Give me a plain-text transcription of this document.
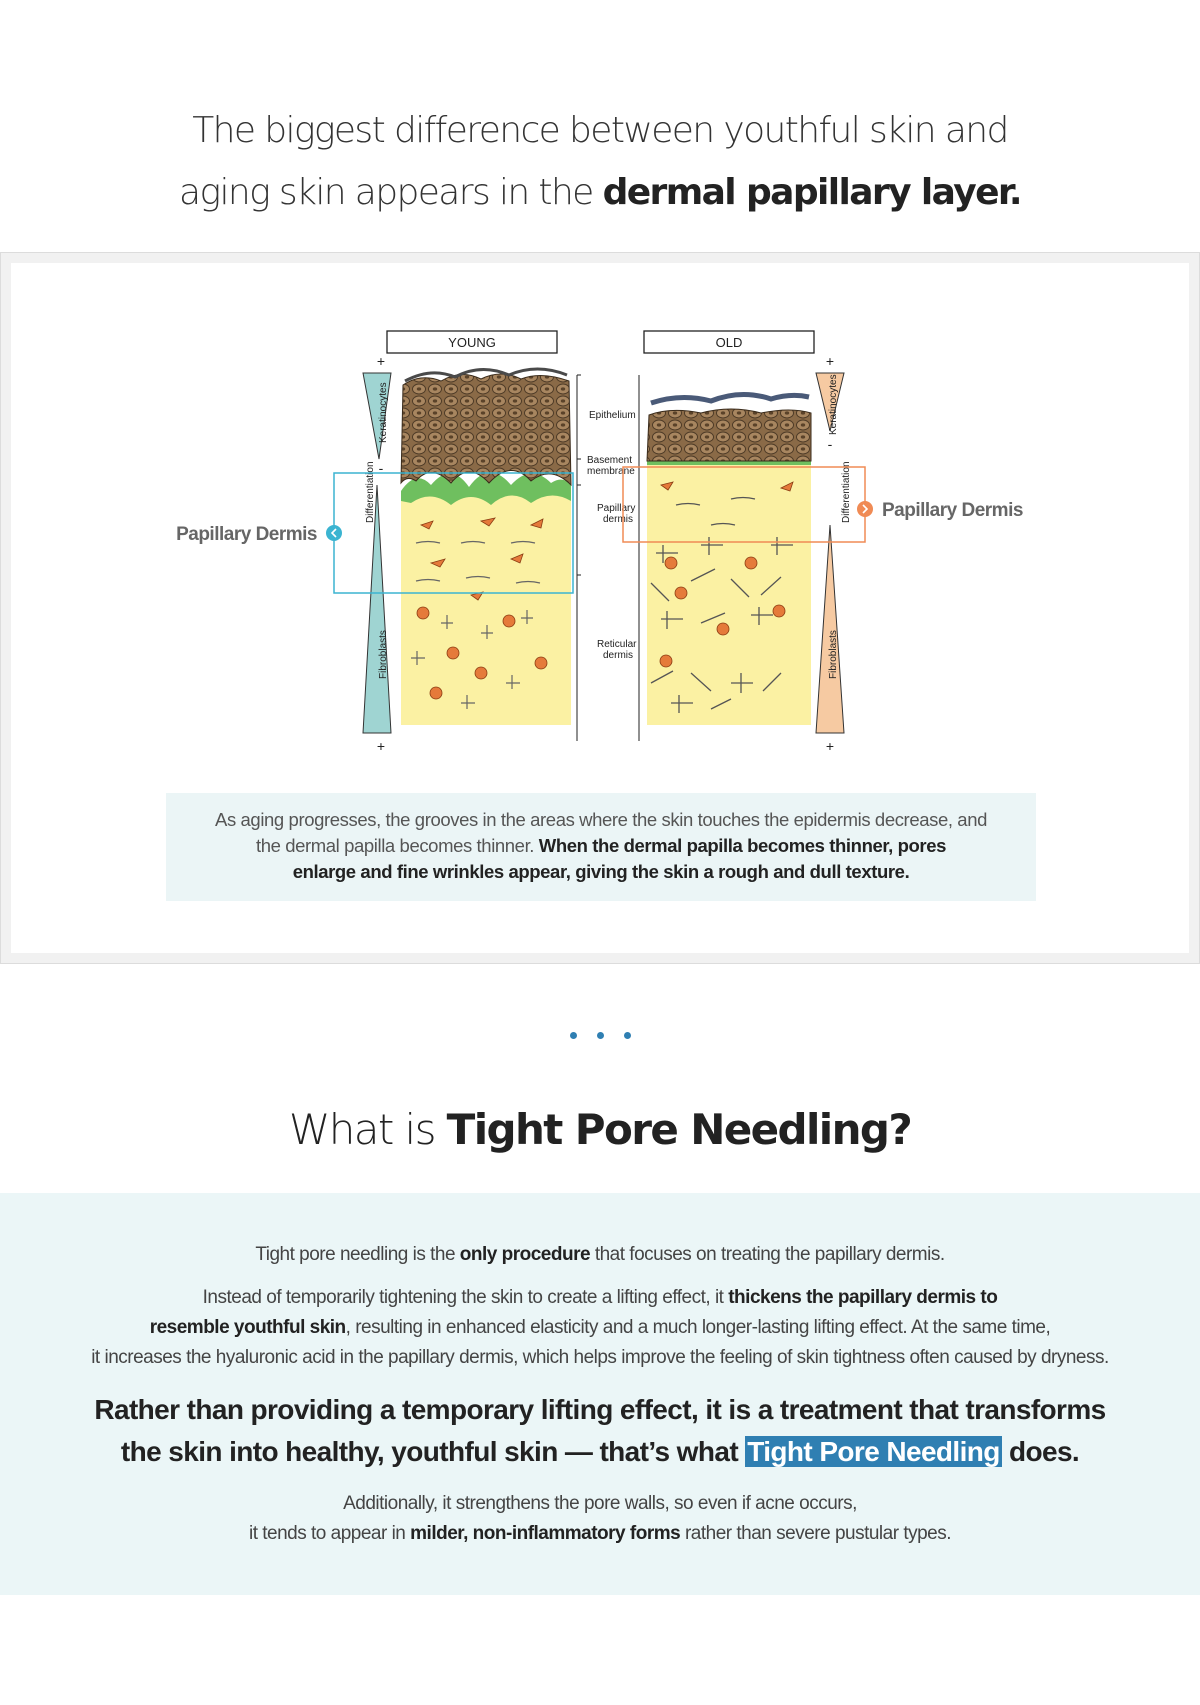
The biggest difference between youthful skin and
aging skin appears in the dermal papillary layer.
YOUNG	OLD
+
+
-
Keratinocytes
Differentiation
Fibroblasts
Epithelium
Basement
membrane
Papillary
dermis
Reticular
dermis
+
+
-
Keratinocytes
Differentiation
Fibroblasts
Papillary Dermis
Papillary Dermis
As aging progresses, the grooves in the areas where the skin touches the epidermis decrease, and
the dermal papilla becomes thinner. When the dermal papilla becomes thinner, pores
enlarge and fine wrinkles appear, giving the skin a rough and dull texture.
What is Tight Pore Needling?

Tight pore needling is the only procedure that focuses on treating the papillary dermis.

Instead of temporarily tightening the skin to create a lifting effect, it thickens the papillary dermis to
resemble youthful skin, resulting in enhanced elasticity and a much longer-lasting lifting effect. At the same time,
it increases the hyaluronic acid in the papillary dermis, which helps improve the feeling of skin tightness often caused by dryness.

Rather than providing a temporary lifting effect, it is a treatment that transforms
the skin into healthy, youthful skin — that’s what Tight Pore Needling does.

Additionally, it strengthens the pore walls, so even if acne occurs,
it tends to appear in milder, non-inflammatory forms rather than severe pustular types.
